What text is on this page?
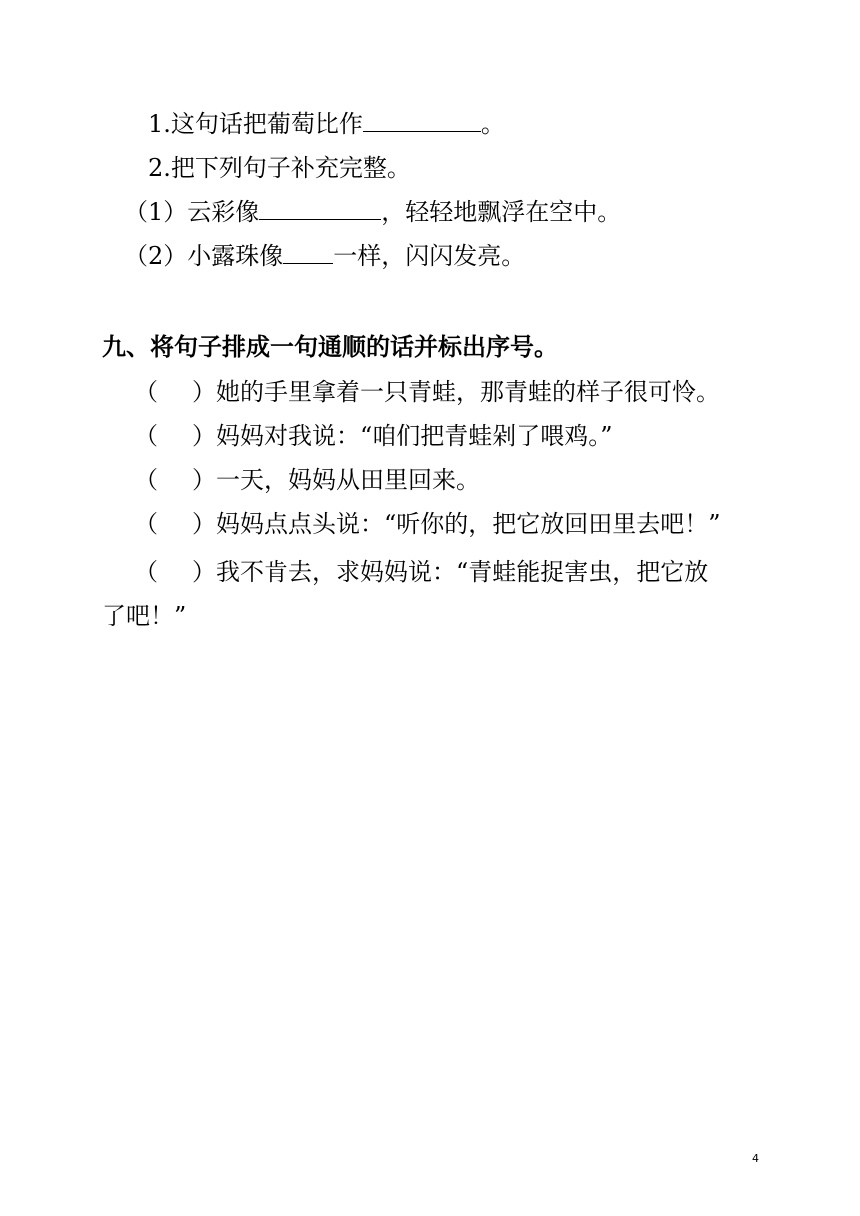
1.这句话把葡萄比作	。
2.把下列句子补充完整。
（1）云彩像	，轻轻地飘浮在空中。
（2）小露珠像 一样，闪闪发亮。
九、将句子排成一句通顺的话并标出序号。
（
） 她的手里拿着一只青蛙，那青蛙的样子很可怜。
（
） 妈妈对我说：“咱们把青蛙剁了喂鸡。”
（
） 一天，妈妈从田里回来。
（
） 妈妈点点头说：“听你的，把它放回田里去吧！”
（
） 我不肯去，求妈妈说：“青蛙能捉害虫，把它放
了吧！”
4
